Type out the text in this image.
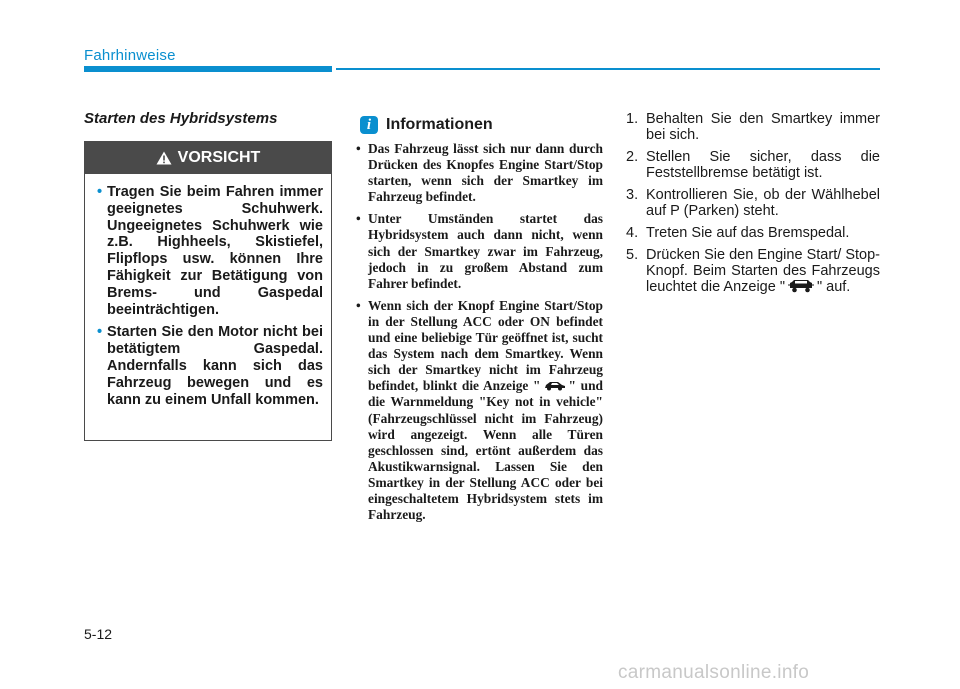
Fahrhinweise
Starten des Hybridsystems
VORSICHT
• Tragen Sie beim Fahren immer geeignetes Schuhwerk. Ungeeignetes Schuhwerk wie z.B. Highheels, Skistiefel, Flipflops usw. können Ihre Fähigkeit zur Betätigung von Brems- und Gaspedal beeinträchtigen.
• Starten Sie den Motor nicht bei betätigtem Gaspedal. Andernfalls kann sich das Fahrzeug bewegen und es kann zu einem Unfall kommen.
i Informationen
• Das Fahrzeug lässt sich nur dann durch Drücken des Knopfes Engine Start/Stop starten, wenn sich der Smartkey im Fahrzeug befindet.
• Unter Umständen startet das Hybridsystem auch dann nicht, wenn sich der Smartkey zwar im Fahrzeug, jedoch in zu großem Abstand zum Fahrer befindet.
• Wenn sich der Knopf Engine Start/Stop in der Stellung ACC oder ON befindet und eine beliebige Tür geöffnet ist, sucht das System nach dem Smartkey. Wenn sich der Smartkey nicht im Fahrzeug befindet, blinkt die Anzeige " " und die Warnmeldung "Key not in vehicle" (Fahrzeugschlüssel nicht im Fahrzeug) wird angezeigt. Wenn alle Türen geschlossen sind, ertönt außerdem das Akustikwarnsignal. Lassen Sie den Smartkey in der Stellung ACC oder bei eingeschaltetem Hybridsystem stets im Fahrzeug.
1. Behalten Sie den Smartkey immer bei sich.
2. Stellen Sie sicher, dass die Feststellbremse betätigt ist.
3. Kontrollieren Sie, ob der Wählhebel auf P (Parken) steht.
4. Treten Sie auf das Bremspedal.
5. Drücken Sie den Engine Start/ Stop-Knopf. Beim Starten des Fahrzeugs leuchtet die Anzeige " " auf.
5-12
carmanualsonline.info
